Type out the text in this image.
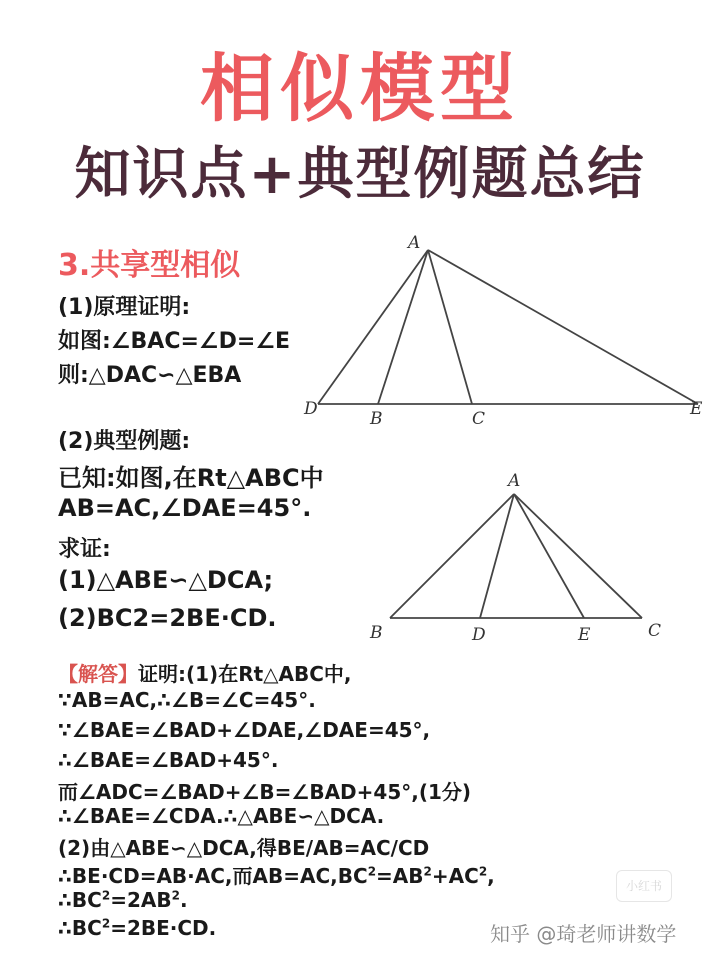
相似模型
知识点+典型例题总结
3.共享型相似
(1)原理证明:
如图:∠BAC=∠D=∠E
则:△DAC∽△EBA
(2)典型例题:
已知:如图,在Rt△ABC中
AB=AC,∠DAE=45°.
求证:
(1)△ABE∽△DCA;
(2)BC2=2BE·CD.
A
D	B	C	E
A
B	D	E	C
【解答】证明:(1)在Rt△ABC中,
∵AB=AC,∴∠B=∠C=45°.
∵∠BAE=∠BAD+∠DAE,∠DAE=45°,
∴∠BAE=∠BAD+45°.
而∠ADC=∠BAD+∠B=∠BAD+45°,(1分)
∴∠BAE=∠CDA.∴△ABE∽△DCA.
(2)由△ABE∽△DCA,得BE/AB=AC/CD
∴BE·CD=AB·AC,而$AB=AC,BC^2=AB^2+AC^2$,
$\therefore BC^2=2AB^2$.
$\therefore BC^2=2BE\cdot CD$.
小红书
知乎 @琦老师讲数学
